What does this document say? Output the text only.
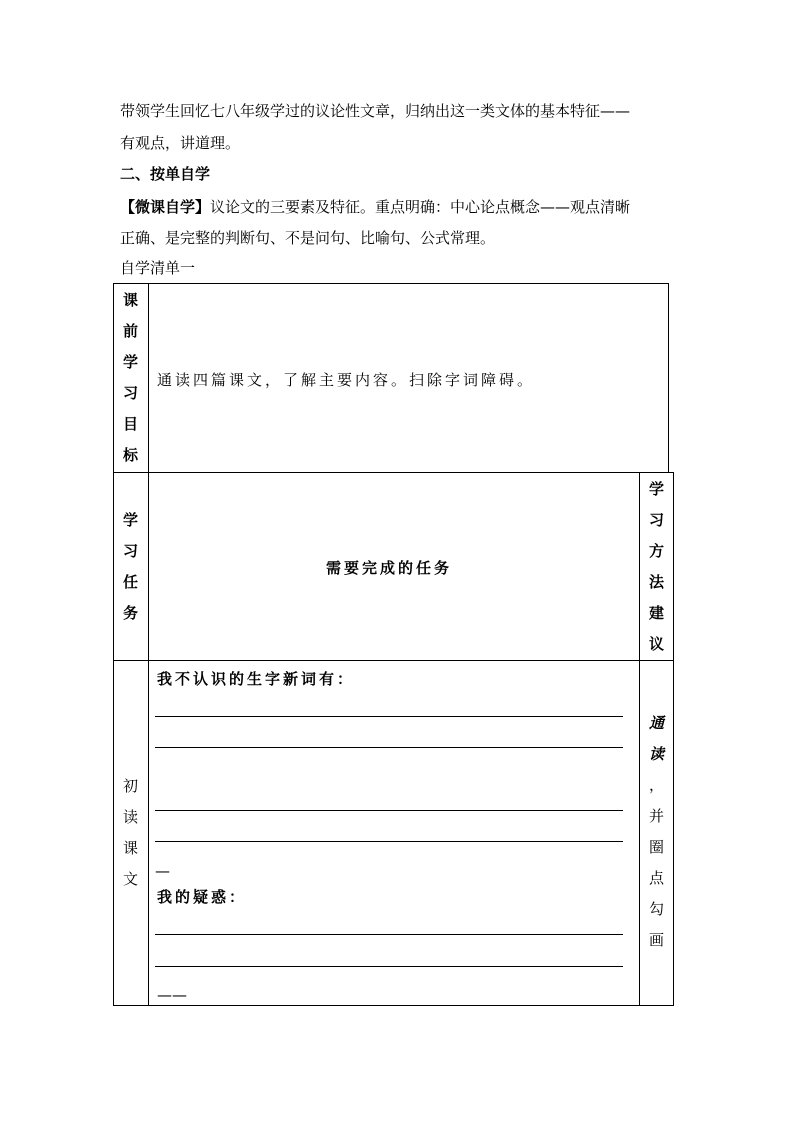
带领学生回忆七八年级学过的议论性文章，归纳出这一类文体的基本特征——
有观点，讲道理。
二、按单自学
【微课自学】议论文的三要素及特征。重点明确：中心论点概念——观点清晰
正确、是完整的判断句、不是问句、比喻句、公式常理。
自学清单一
课
前
学
习
目
标
通读四篇课文，了解主要内容。扫除字词障碍。
学
习
任
务
需要完成的任务
学
习
方
法
建
议
初
读
课
文
我不认识的生字新词有：
—
我的疑惑：
——
通
读
，
并
圈
点
勾
画
